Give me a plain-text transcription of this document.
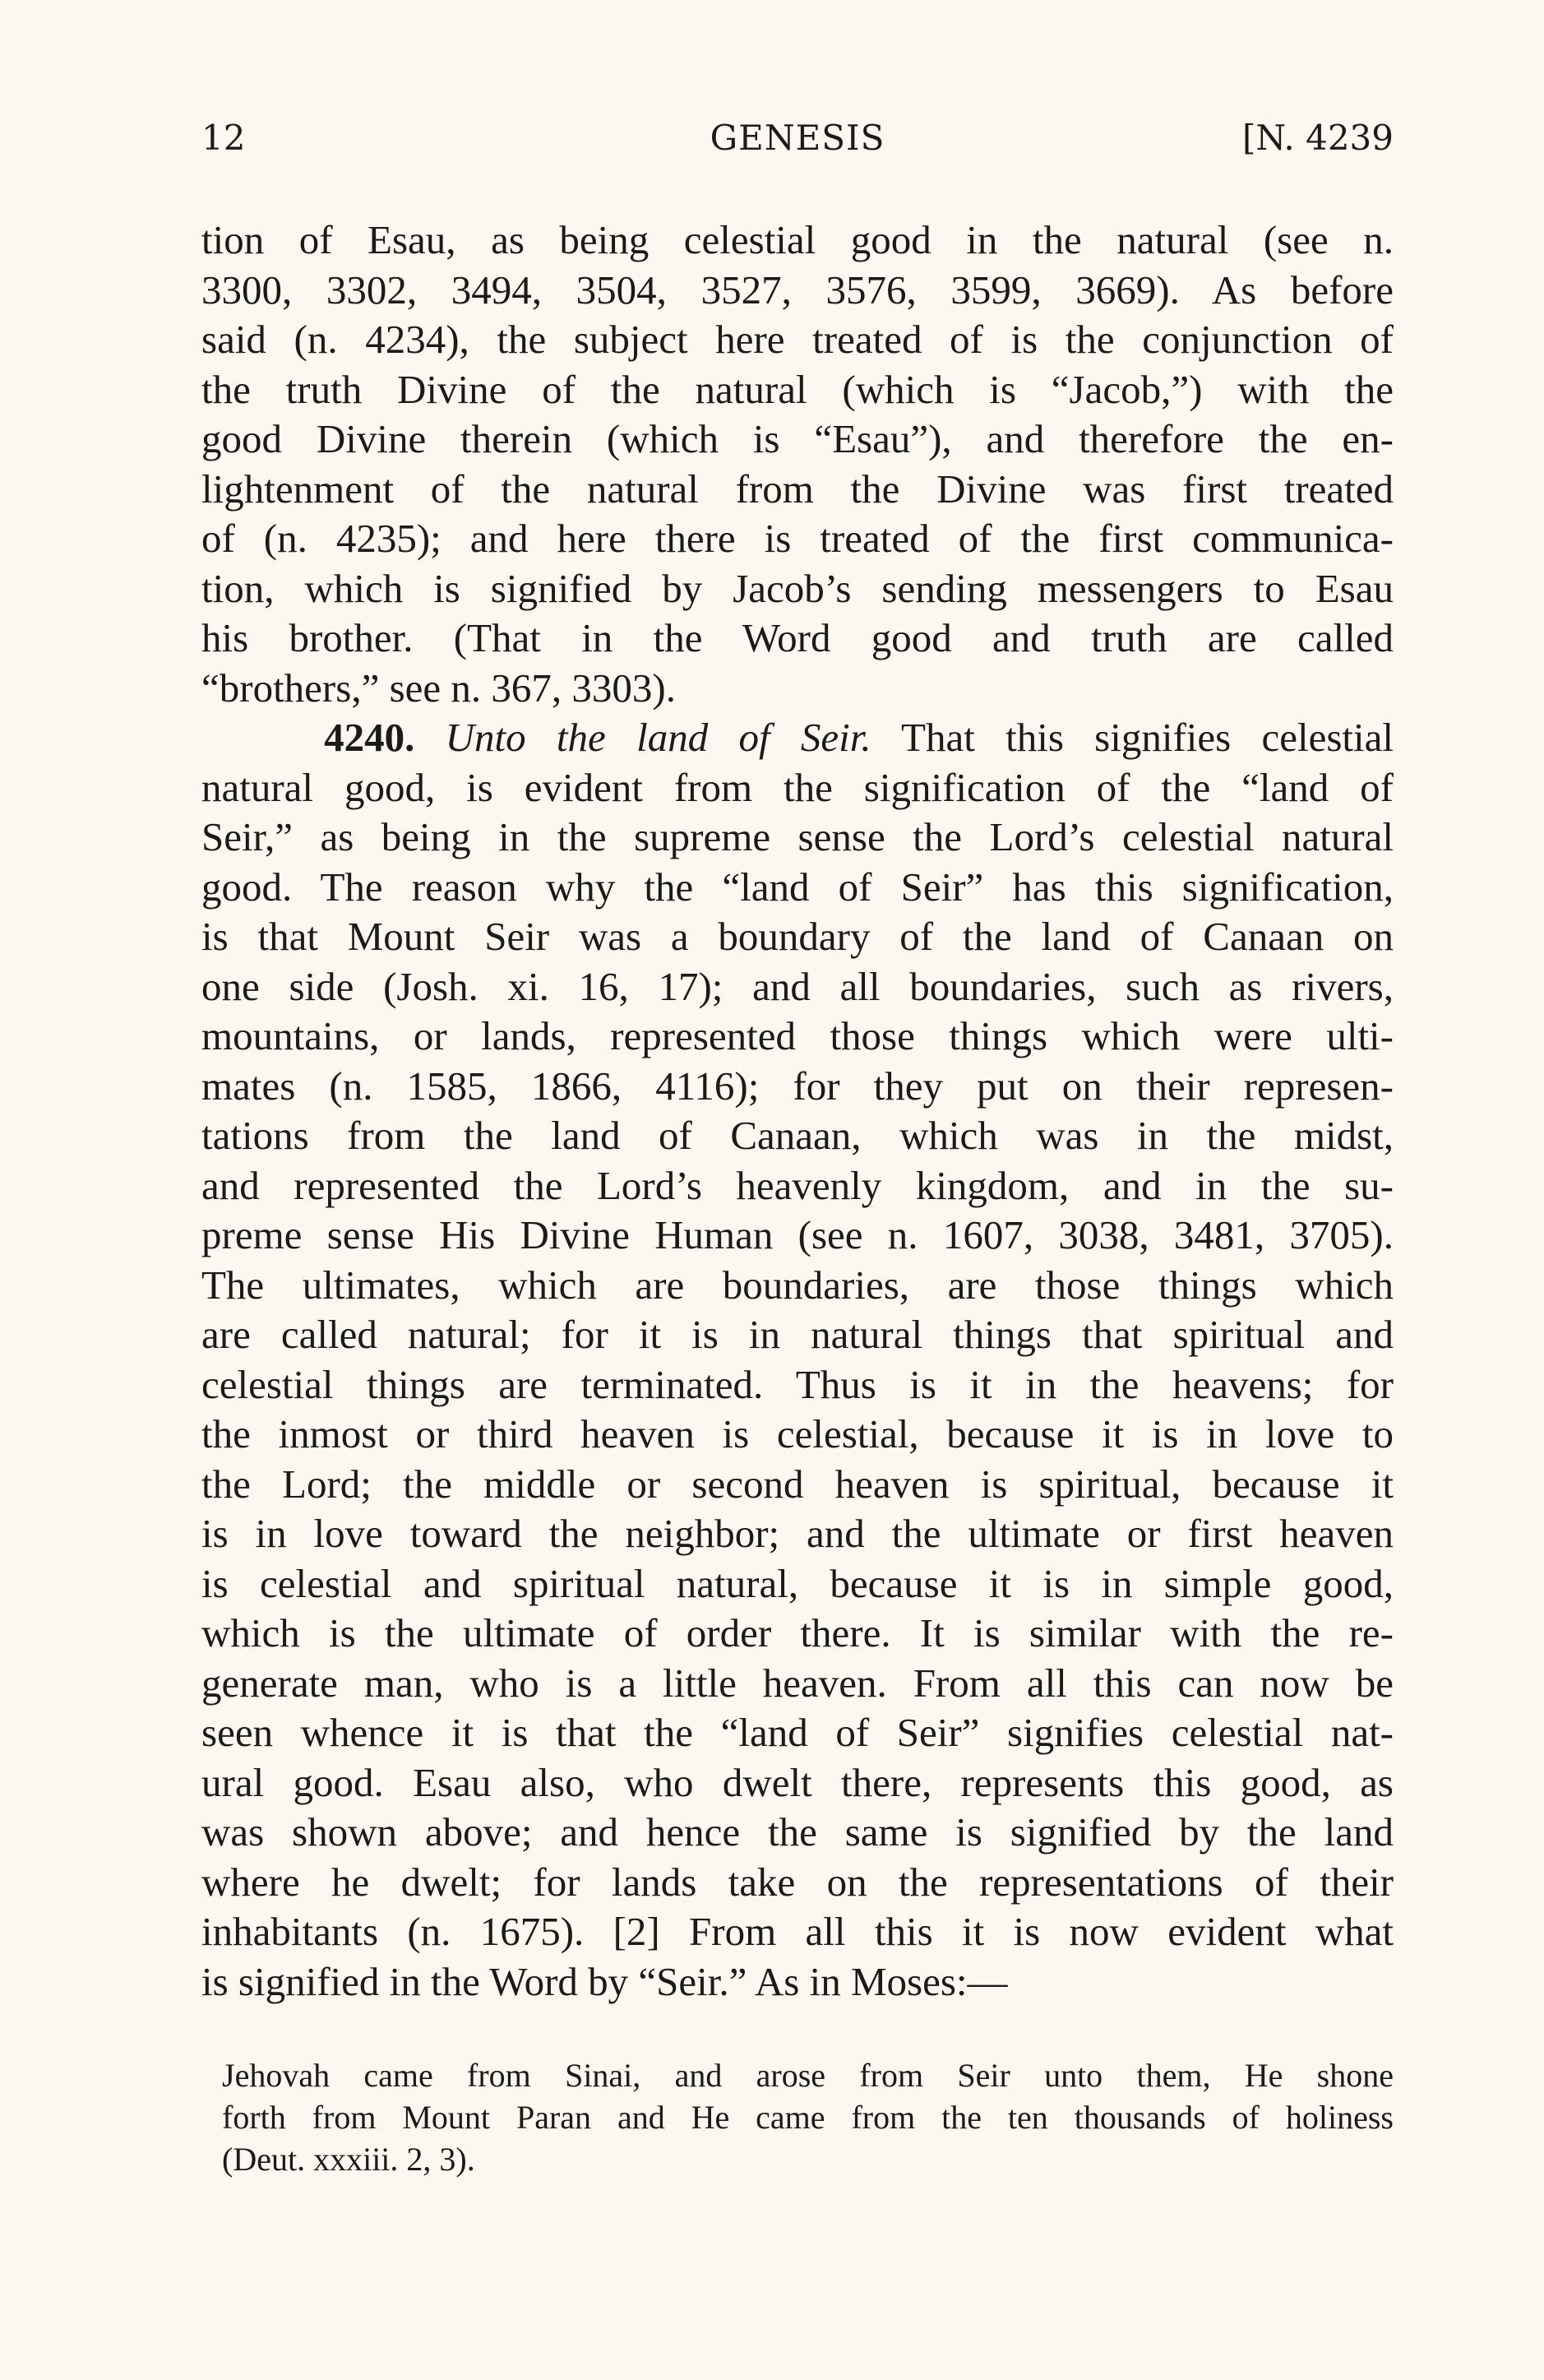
12	GENESIS	[N. 4239
tion of Esau, as being celestial good in the natural (see n.
3300, 3302, 3494, 3504, 3527, 3576, 3599, 3669). As before
said (n. 4234), the subject here treated of is the conjunction of
the truth Divine of the natural (which is “Jacob,”) with the
good Divine therein (which is “Esau”), and therefore the en-
lightenment of the natural from the Divine was first treated
of (n. 4235); and here there is treated of the first communica-
tion, which is signified by Jacob’s sending messengers to Esau
his brother. (That in the Word good and truth are called
“brothers,” see n. 367, 3303).
4240. Unto the land of Seir. That this signifies celestial
natural good, is evident from the signification of the “land of
Seir,” as being in the supreme sense the Lord’s celestial natural
good. The reason why the “land of Seir” has this signification,
is that Mount Seir was a boundary of the land of Canaan on
one side (Josh. xi. 16, 17); and all boundaries, such as rivers,
mountains, or lands, represented those things which were ulti-
mates (n. 1585, 1866, 4116); for they put on their represen-
tations from the land of Canaan, which was in the midst,
and represented the Lord’s heavenly kingdom, and in the su-
preme sense His Divine Human (see n. 1607, 3038, 3481, 3705).
The ultimates, which are boundaries, are those things which
are called natural; for it is in natural things that spiritual and
celestial things are terminated. Thus is it in the heavens; for
the inmost or third heaven is celestial, because it is in love to
the Lord; the middle or second heaven is spiritual, because it
is in love toward the neighbor; and the ultimate or first heaven
is celestial and spiritual natural, because it is in simple good,
which is the ultimate of order there. It is similar with the re-
generate man, who is a little heaven. From all this can now be
seen whence it is that the “land of Seir” signifies celestial nat-
ural good. Esau also, who dwelt there, represents this good, as
was shown above; and hence the same is signified by the land
where he dwelt; for lands take on the representations of their
inhabitants (n. 1675). [2] From all this it is now evident what
is signified in the Word by “Seir.” As in Moses:—
Jehovah came from Sinai, and arose from Seir unto them, He shone
forth from Mount Paran and He came from the ten thousands of holiness
(Deut. xxxiii. 2, 3).
